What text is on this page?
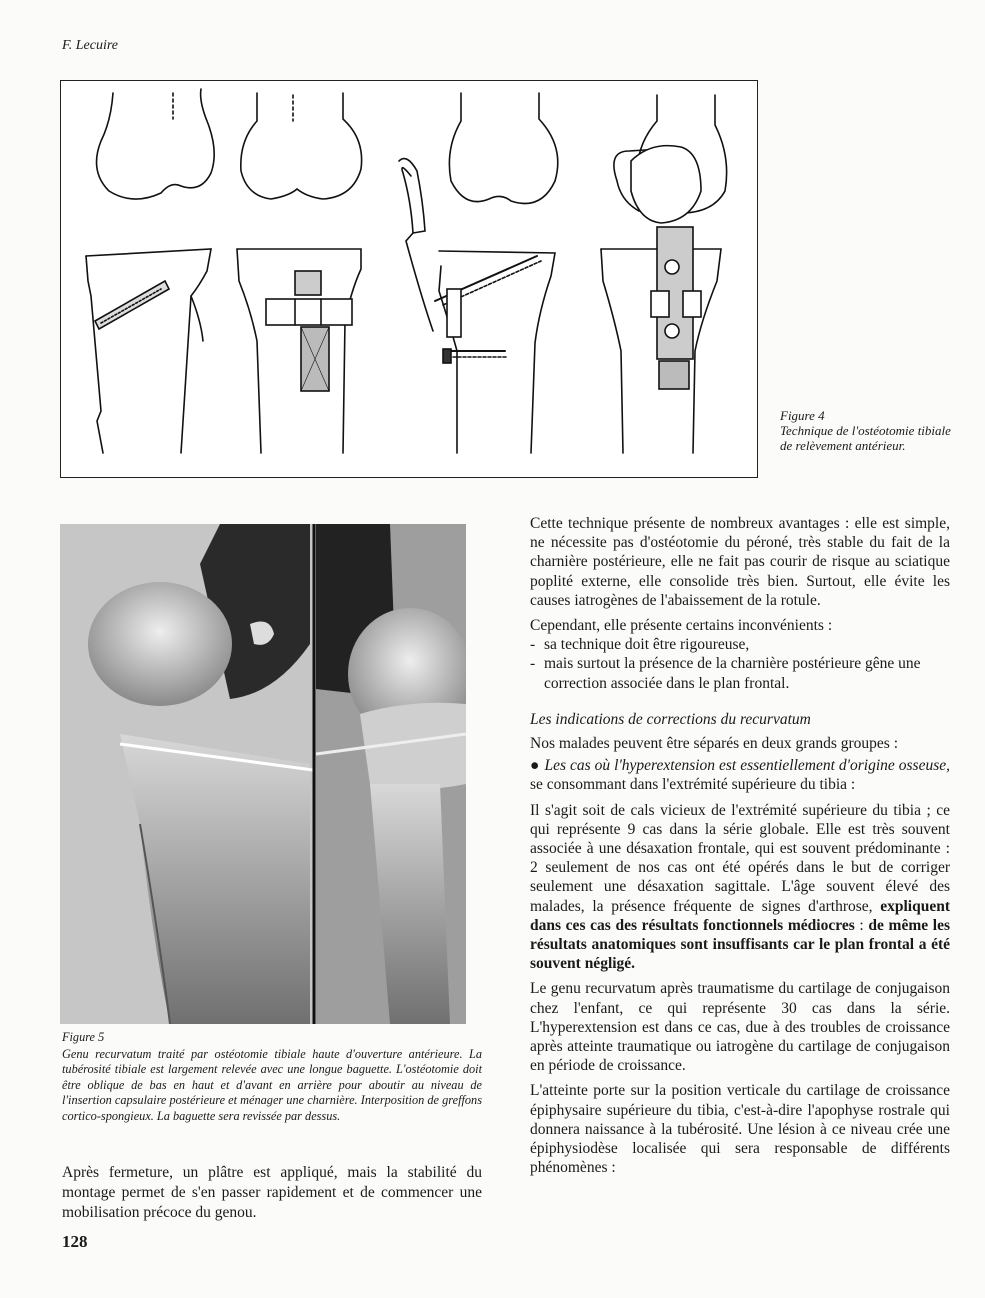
F. Lecuire
Figure 4
Technique de l'ostéotomie tibiale de relèvement antérieur.
Figure 5
Genu recurvatum traité par ostéotomie tibiale haute d'ouverture antérieure. La tubérosité tibiale est largement relevée avec une longue baguette. L'ostéotomie doit être oblique de bas en haut et d'avant en arrière pour aboutir au niveau de l'insertion capsulaire postérieure et ménager une charnière. Interposition de greffons cortico-spongieux. La baguette sera revissée par dessus.
Après fermeture, un plâtre est appliqué, mais la stabilité du montage permet de s'en passer rapidement et de commencer une mobilisation précoce du genou.
128

Cette technique présente de nombreux avantages : elle est simple, ne nécessite pas d'ostéotomie du péroné, très stable du fait de la charnière postérieure, elle ne fait pas courir de risque au sciatique poplité externe, elle consolide très bien. Surtout, elle évite les causes iatrogènes de l'abaissement de la rotule.

Cependant, elle présente certains inconvénients :

- sa technique doit être rigoureuse,
- mais surtout la présence de la charnière postérieure gêne une correction associée dans le plan frontal.
Les indications de corrections du recurvatum

Nos malades peuvent être séparés en deux grands groupes :

● Les cas où l'hyperextension est essentiellement d'origine osseuse, se consommant dans l'extrémité supérieure du tibia :

Il s'agit soit de cals vicieux de l'extrémité supérieure du tibia ; ce qui représente 9 cas dans la série globale. Elle est très souvent associée à une désaxation frontale, qui est souvent prédominante : 2 seulement de nos cas ont été opérés dans le but de corriger seulement une désaxation sagittale. L'âge souvent élevé des malades, la présence fréquente de signes d'arthrose, expliquent dans ces cas des résultats fonctionnels médiocres : de même les résultats anatomiques sont insuffisants car le plan frontal a été souvent négligé.

Le genu recurvatum après traumatisme du cartilage de conjugaison chez l'enfant, ce qui représente 30 cas dans la série. L'hyperextension est dans ce cas, due à des troubles de croissance après atteinte traumatique ou iatrogène du cartilage de conjugaison en période de croissance.

L'atteinte porte sur la position verticale du cartilage de croissance épiphysaire supérieure du tibia, c'est-à-dire l'apophyse rostrale qui donnera naissance à la tubérosité. Une lésion à ce niveau crée une épiphysiodèse localisée qui sera responsable de différents phénomènes :
